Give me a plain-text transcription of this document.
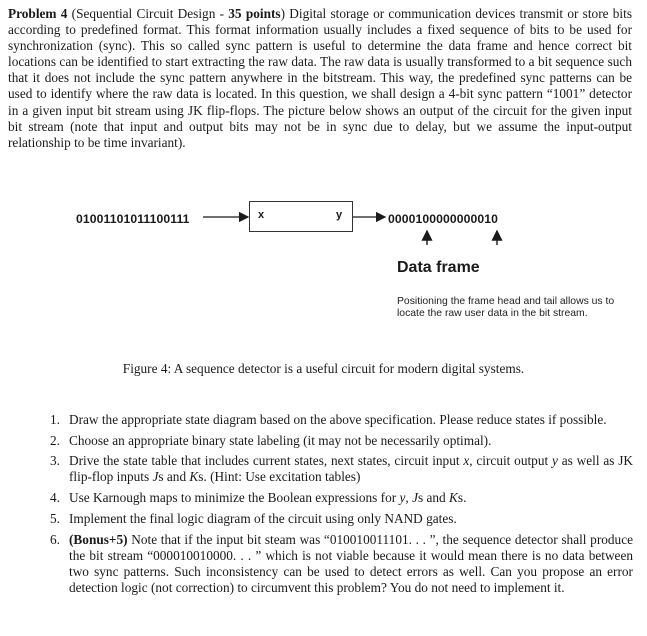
Problem 4 (Sequential Circuit Design - 35 points) Digital storage or communication devices transmit or store bits according to predefined format. This format information usually includes a fixed sequence of bits to be used for synchronization (sync). This so called sync pattern is useful to determine the data frame and hence correct bit locations can be identified to start extracting the raw data. The raw data is usually transformed to a bit sequence such that it does not include the sync pattern anywhere in the bitstream. This way, the predefined sync patterns can be used to identify where the raw data is located. In this question, we shall design a 4-bit sync pattern “1001” detector in a given input bit stream using JK flip-flops. The picture below shows an output of the circuit for the given input bit stream (note that input and output bits may not be in sync due to delay, but we assume the input-output relationship to be time invariant).
01001101011100111	x	y	0000100000000010
Data frame
Positioning the frame head and tail allows us to locate the raw user data in the bit stream.
Figure 4: A sequence detector is a useful circuit for modern digital systems.
1. Draw the appropriate state diagram based on the above specification. Please reduce states if possible.
2. Choose an appropriate binary state labeling (it may not be necessarily optimal).
3. Drive the state table that includes current states, next states, circuit input x, circuit output y as well as JK flip-flop inputs Js and Ks. (Hint: Use excitation tables)
4. Use Karnough maps to minimize the Boolean expressions for y, Js and Ks.
5. Implement the final logic diagram of the circuit using only NAND gates.
6. (Bonus+5) Note that if the input bit steam was “010010011101. . . ”, the sequence detector shall produce the bit stream “000010010000. . . ” which is not viable because it would mean there is no data between two sync patterns. Such inconsistency can be used to detect errors as well. Can you propose an error detection logic (not correction) to circumvent this problem? You do not need to implement it.
